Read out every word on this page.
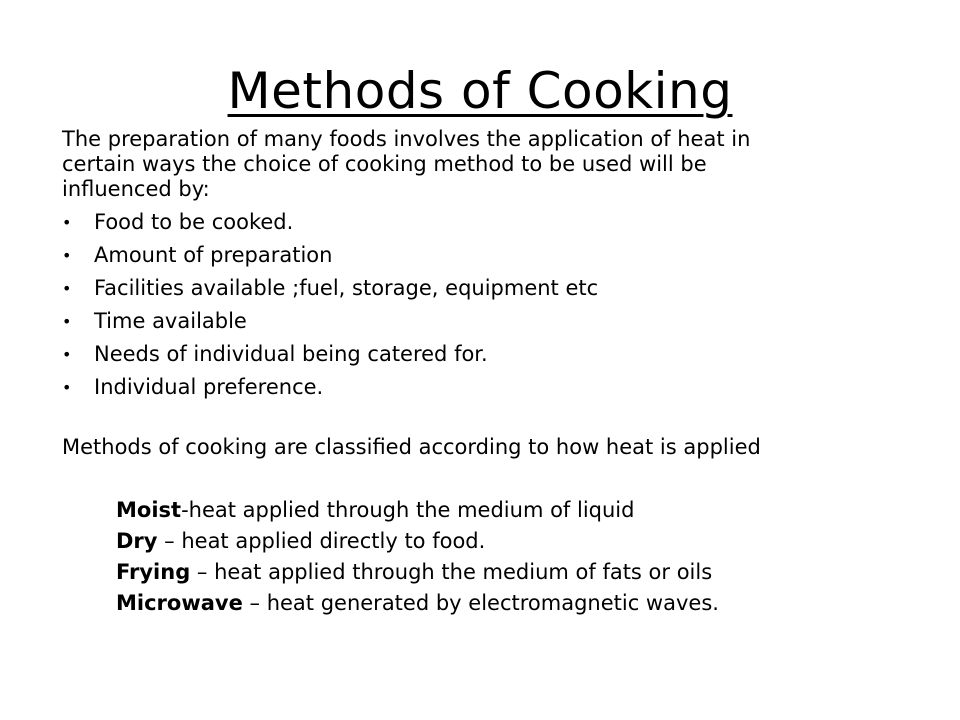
Methods of Cooking
The preparation of many foods involves the application of heat in
certain ways the choice of cooking method to be used will be
influenced by:
• Food to be cooked.
• Amount of preparation
• Facilities available ;fuel, storage, equipment etc
• Time available
• Needs of individual being catered for.
• Individual preference.
Methods of cooking are classified according to how heat is applied
Moist-heat applied through the medium of liquid
Dry – heat applied directly to food.
Frying – heat applied through the medium of fats or oils
Microwave – heat generated by electromagnetic waves.
